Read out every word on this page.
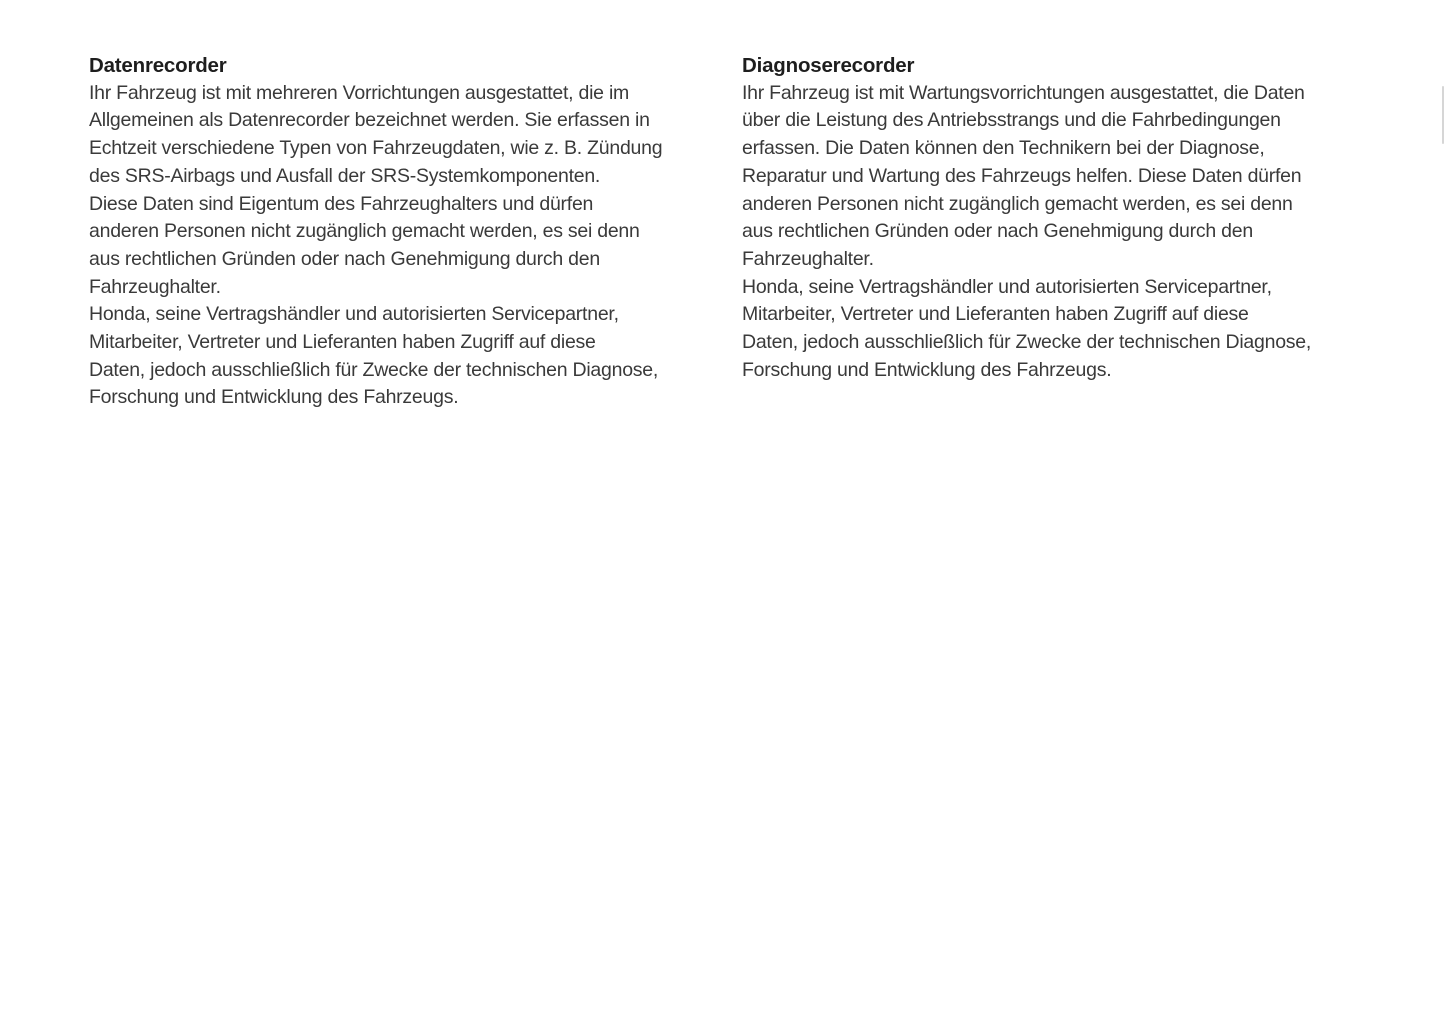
Datenrecorder
Ihr Fahrzeug ist mit mehreren Vorrichtungen ausgestattet, die im
Allgemeinen als Datenrecorder bezeichnet werden. Sie erfassen in
Echtzeit verschiedene Typen von Fahrzeugdaten, wie z. B. Zündung
des SRS-Airbags und Ausfall der SRS-Systemkomponenten.
Diese Daten sind Eigentum des Fahrzeughalters und dürfen
anderen Personen nicht zugänglich gemacht werden, es sei denn
aus rechtlichen Gründen oder nach Genehmigung durch den
Fahrzeughalter.
Honda, seine Vertragshändler und autorisierten Servicepartner,
Mitarbeiter, Vertreter und Lieferanten haben Zugriff auf diese
Daten, jedoch ausschließlich für Zwecke der technischen Diagnose,
Forschung und Entwicklung des Fahrzeugs.
Diagnoserecorder
Ihr Fahrzeug ist mit Wartungsvorrichtungen ausgestattet, die Daten
über die Leistung des Antriebsstrangs und die Fahrbedingungen
erfassen. Die Daten können den Technikern bei der Diagnose,
Reparatur und Wartung des Fahrzeugs helfen. Diese Daten dürfen
anderen Personen nicht zugänglich gemacht werden, es sei denn
aus rechtlichen Gründen oder nach Genehmigung durch den
Fahrzeughalter.
Honda, seine Vertragshändler und autorisierten Servicepartner,
Mitarbeiter, Vertreter und Lieferanten haben Zugriff auf diese
Daten, jedoch ausschließlich für Zwecke der technischen Diagnose,
Forschung und Entwicklung des Fahrzeugs.
